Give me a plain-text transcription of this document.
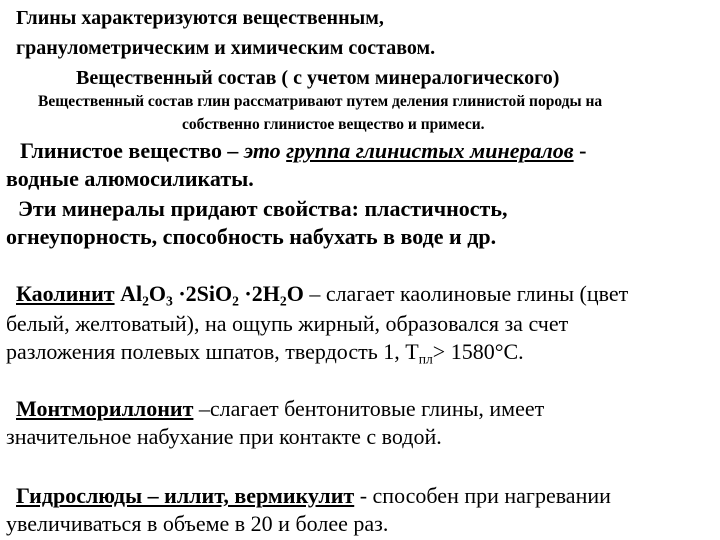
Глины характеризуются вещественным,
гранулометрическим и химическим составом.
Вещественный состав ( с учетом минералогического)
Вещественный состав глин рассматривают путем деления глинистой породы на
собственно глинистое вещество и примеси.
Глинистое вещество – это группа глинистых минералов -
водные алюмосиликаты.
Эти минералы придают свойства: пластичность,
огнеупорность, способность набухать в воде и др.
Каолинит $Al_2O_3 \cdot 2SiO_2 \cdot 2H_2O$ – слагает каолиновые глины (цвет
белый, желтоватый), на ощупь жирный, образовался за счет
разложения полевых шпатов, твердость 1, $Т_{пл}> 1580^\circ С$.
Монтмориллонит –слагает бентонитовые глины, имеет
значительное набухание при контакте с водой.
Гидрослюды – иллит, вермикулит - способен при нагревании
увеличиваться в объеме в 20 и более раз.
